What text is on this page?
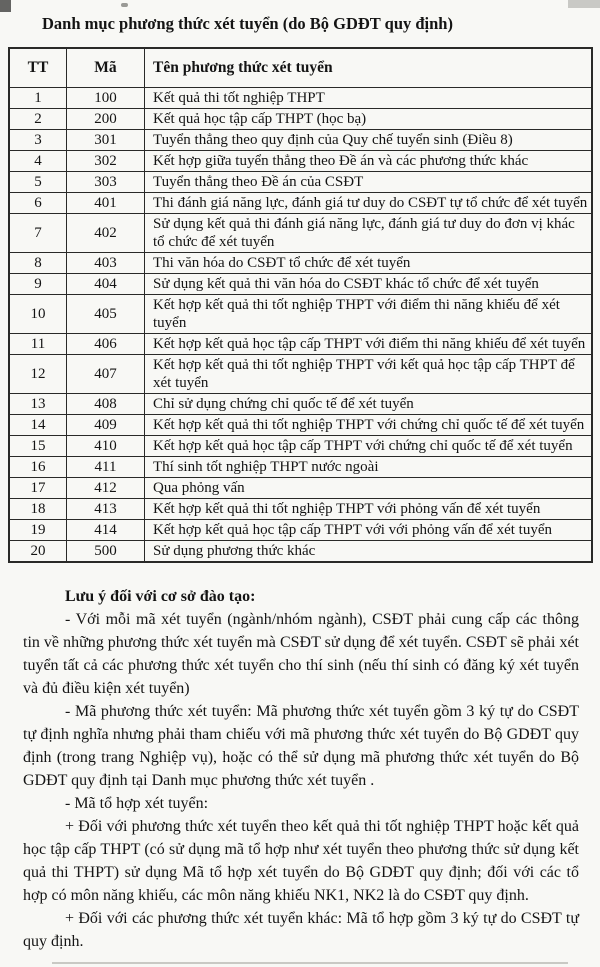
Danh mục phương thức xét tuyển (do Bộ GDĐT quy định)
TT	Mã	Tên phương thức xét tuyển
1	100	Kết quả thi tốt nghiệp THPT
2	200	Kết quả học tập cấp THPT (học bạ)
3	301	Tuyển thẳng theo quy định của Quy chế tuyển sinh (Điều 8)
4	302	Kết hợp giữa tuyển thẳng theo Đề án và các phương thức khác
5	303	Tuyển thẳng theo Đề án của CSĐT
6	401	Thi đánh giá năng lực, đánh giá tư duy do CSĐT tự tổ chức để xét tuyển
7	402	Sử dụng kết quả thi đánh giá năng lực, đánh giá tư duy do đơn vị khác tổ chức để xét tuyển
8	403	Thi văn hóa do CSĐT tổ chức để xét tuyển
9	404	Sử dụng kết quả thi văn hóa do CSĐT khác tổ chức để xét tuyển
10	405	Kết hợp kết quả thi tốt nghiệp THPT với điểm thi năng khiếu để xét tuyển
11	406	Kết hợp kết quả học tập cấp THPT với điểm thi năng khiếu để xét tuyển
12	407	Kết hợp kết quả thi tốt nghiệp THPT với kết quả học tập cấp THPT để xét tuyển
13	408	Chỉ sử dụng chứng chỉ quốc tế để xét tuyển
14	409	Kết hợp kết quả thi tốt nghiệp THPT với chứng chỉ quốc tế để xét tuyển
15	410	Kết hợp kết quả học tập cấp THPT với chứng chỉ quốc tế để xét tuyển
16	411	Thí sinh tốt nghiệp THPT nước ngoài
17	412	Qua phỏng vấn
18	413	Kết hợp kết quả thi tốt nghiệp THPT với phỏng vấn để xét tuyển
19	414	Kết hợp kết quả học tập cấp THPT với với phỏng vấn để xét tuyển
20	500	Sử dụng phương thức khác

Lưu ý đối với cơ sở đào tạo:

- Với mỗi mã xét tuyển (ngành/nhóm ngành), CSĐT phải cung cấp các thông tin về những phương thức xét tuyển mà CSĐT sử dụng để xét tuyển. CSĐT sẽ phải xét tuyển tất cả các phương thức xét tuyển cho thí sinh (nếu thí sinh có đăng ký xét tuyển và đủ điều kiện xét tuyển)

- Mã phương thức xét tuyển: Mã phương thức xét tuyển gồm 3 ký tự do CSĐT tự định nghĩa nhưng phải tham chiếu với mã phương thức xét tuyển do Bộ GDĐT quy định (trong trang Nghiệp vụ), hoặc có thể sử dụng mã phương thức xét tuyển do Bộ GDĐT quy định tại Danh mục phương thức xét tuyển .

- Mã tổ hợp xét tuyển:

+ Đối với phương thức xét tuyển theo kết quả thi tốt nghiệp THPT hoặc kết quả học tập cấp THPT (có sử dụng mã tổ hợp như xét tuyển theo phương thức sử dụng kết quả thi THPT) sử dụng Mã tổ hợp xét tuyển do Bộ GDĐT quy định; đối với các tổ hợp có môn năng khiếu, các môn năng khiếu NK1, NK2 là do CSĐT quy định.

+ Đối với các phương thức xét tuyển khác: Mã tổ hợp gồm 3 ký tự do CSĐT tự quy định.
